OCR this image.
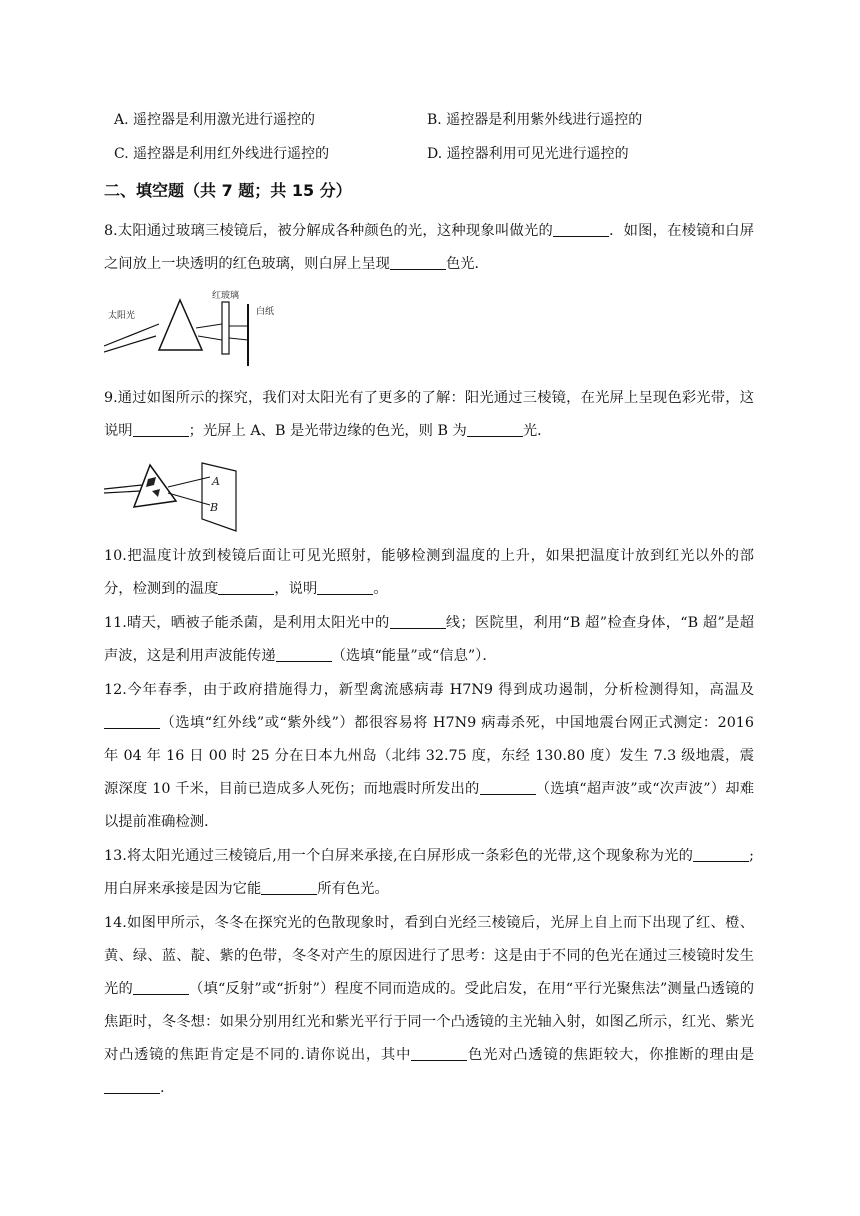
A. 遥控器是利用激光进行遥控的	B. 遥控器是利用紫外线进行遥控的
C. 遥控器是利用红外线进行遥控的	D. 遥控器利用可见光进行遥控的
二、填空题（共 7 题；共 15 分）
8.太阳通过玻璃三棱镜后，被分解成各种颜色的光，这种现象叫做光的	．如图，在棱镜和白屏之间放上一块透明的红色玻璃，则白屏上呈现	色光．
太阳光
红玻璃
白纸
9.通过如图所示的探究，我们对太阳光有了更多的了解：阳光通过三棱镜，在光屏上呈现色彩光带，这说明	；光屏上 A、B 是光带边缘的色光，则 B 为	光．
A
B
10.把温度计放到棱镜后面让可见光照射，能够检测到温度的上升，如果把温度计放到红光以外的部分，检测到的温度	，说明	。
11.晴天，晒被子能杀菌，是利用太阳光中的	线；医院里，利用“B 超”检查身体，“B 超”是超声波，这是利用声波能传递	（选填“能量”或“信息”）．
12.今年春季，由于政府措施得力，新型禽流感病毒 H7N9 得到成功遏制，分析检测得知，高温及（选填“红外线”或“紫外线”）都很容易将 H7N9 病毒杀死，中国地震台网正式测定：2016 年 04 年 16 日 00 时 25 分在日本九州岛（北纬 32.75 度，东经 130.80 度）发生 7.3 级地震，震源深度 10 千米，目前已造成多人死伤；而地震时所发出的	（选填“超声波”或“次声波”）却难以提前准确检测．
13.将太阳光通过三棱镜后,用一个白屏来承接,在白屏形成一条彩色的光带,这个现象称为光的	;用白屏来承接是因为它能	所有色光。
14.如图甲所示，冬冬在探究光的色散现象时，看到白光经三棱镜后，光屏上自上而下出现了红、橙、黄、绿、蓝、靛、紫的色带，冬冬对产生的原因进行了思考：这是由于不同的色光在通过三棱镜时发生光的	（填“反射”或“折射”）程度不同而造成的。受此启发，在用“平行光聚焦法”测量凸透镜的焦距时，冬冬想：如果分别用红光和紫光平行于同一个凸透镜的主光轴入射，如图乙所示，红光、紫光对凸透镜的焦距肯定是不同的.请你说出，其中	色光对凸透镜的焦距较大，你推断的理由是.
